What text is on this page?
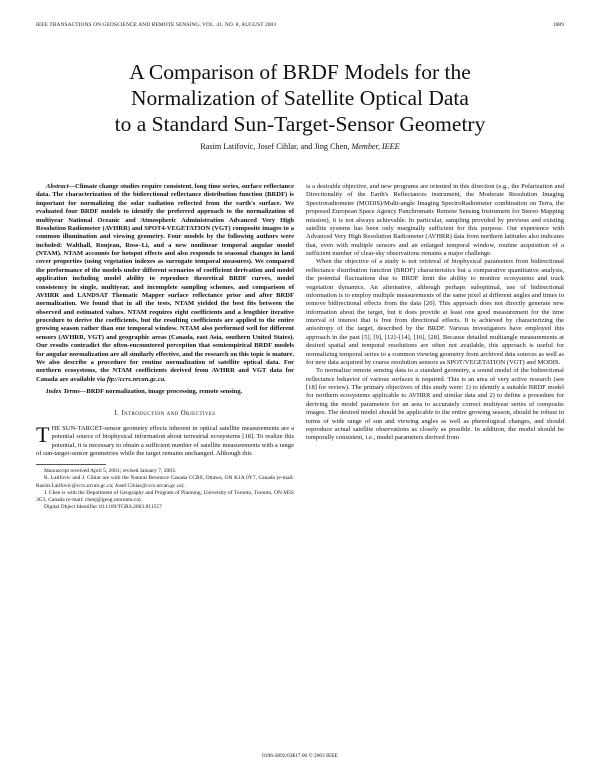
IEEE TRANSACTIONS ON GEOSCIENCE AND REMOTE SENSING, VOL. 41, NO. 8, AUGUST 2003	1889
A Comparison of BRDF Models for the
Normalization of Satellite Optical Data
to a Standard Sun-Target-Sensor Geometry
Rasim Latifovic, Josef Cihlar, and Jing Chen, Member, IEEE

Abstract—Climate change studies require consistent, long time series, surface reflectance data. The characterization of the bidirectional reflectance distribution function (BRDF) is important for normalizing the solar radiation reflected from the earth's surface. We evaluated four BRDF models to identify the preferred approach to the normalization of multiyear National Oceanic and Atmospheric Administration Advanced Very High Resolution Radiometer (AVHRR) and SPOT4-VEGETATION (VGT) composite images to a common illumination and viewing geometry. Four models by the following authors were included: Walthall, Roujean, Ross–Li, and a new nonlinear temporal angular model (NTAM). NTAM accounts for hotspot effects and also responds to seasonal changes in land cover properties (using vegetation indexes as surrogate temporal measures). We compared the performance of the models under different scenarios of coefficient derivation and model application including model ability to reproduce theoretical BRDF curves, model consistency in single, multiyear, and incomplete sampling schemes, and comparison of AVHRR and LANDSAT Thematic Mapper surface reflectance prior and after BRDF normalization. We found that in all the tests, NTAM yielded the best fits between the observed and estimated values. NTAM requires eight coefficients and a lengthier iterative procedure to derive the coefficients, but the resulting coefficients are applied to the entire growing season rather than one temporal window. NTAM also performed well for different sensors (AVHRR, VGT) and geographic areas (Canada, east Asia, southern United States). Our results contradict the often-encountered perception that semiempirical BRDF models for angular normalization are all similarly effective, and the research on this topic is mature. We also describe a procedure for routine normalization of satellite optical data. For northern ecosystems, the NTAM coefficients derived from AVHRR and VGT data for Canada are available via ftp://ccrs.nrcan.gc.ca.

Index Terms—BRDF normalization, image processing, remote sensing.

I. Introduction and Objectives

THE SUN-TARGET-sensor geometry effects inherent in optical satellite measurements are a potential source of biophysical information about terrestrial ecosystems [18]. To realize this potential, it is necessary to obtain a sufficient number of satellite measurements with a range of sun-target-sensor geometries while the target remains unchanged. Although this

Manuscript received April 5, 2001; revised January 7, 2003.

R. Latifovic and J. Cihlar are with the Natural Resource Canada CCRS, Ottawa, ON K1A 0Y7, Canada (e-mail: Rasim.Latifovic@ccrs.nrcan.gc.ca; Josef.Cihlar@ccrs.nrcan.gc.ca).

J. Chen is with the Department of Geography and Program of Planning, University of Toronto, Toronto, ON M5S 3G3, Canada (e-mail: chenj@geog.utoronto.ca).

Digital Object Identifier 10.1109/TGRS.2003.811557

is a desirable objective, and new programs are oriented in this direction (e.g., the Polarization and Directionality of the Earth's Reflectances instrument, the Moderate Resolution Imaging Spectroradiometer (MODIS)/Multi-angle Imaging SpectroRadiometer combination on Terra, the proposed European Space Agency Panchromatic Remote Sensing Instrument for Stereo Mapping mission), it is not always achievable. In particular, sampling provided by previous and existing satellite systems has been only marginally sufficient for this purpose. Our experience with Advanced Very High Resolution Radiometer (AVHRR) data from northern latitudes also indicates that, even with multiple sensors and an enlarged temporal window, routine acquisition of a sufficient number of clear-sky observations remains a major challenge.

When the objective of a study is not retrieval of biophysical parameters from bidirectional reflectance distribution function (BRDF) characteristics but a comparative quantitative analysis, the potential fluctuations due to BRDF limit the ability to monitor ecosystems and track vegetation dynamics. An alternative, although perhaps suboptimal, use of bidirectional information is to employ multiple measurements of the same pixel at different angles and times to remove bidirectional effects from the data [20]. This approach does not directly generate new information about the target, but it does provide at least one good measurement for the time interval of interest that is free from directional effects. It is achieved by characterizing the anisotropy of the target, described by the BRDF. Various investigators have employed this approach in the past [5], [9], [12]–[14], [16], [28]. Because detailed multiangle measurements at desired spatial and temporal resolutions are often not available, this approach is useful for normalizing temporal series to a common viewing geometry from archived data sources as well as for new data acquired by coarse resolution sensors as SPOT/VEGETATION (VGT) and MODIS.

To normalize remote sensing data to a standard geometry, a sound model of the bidirectional reflectance behavior of various surfaces is required. This is an area of very active research (see [18] for review). The primary objectives of this study were: 1) to identify a suitable BRDF model for northern ecosystems applicable to AVHRR and similar data and 2) to define a procedure for deriving the model parameters for an area to accurately correct multiyear series of composite images. The desired model should be applicable to the entire growing season, should be robust in terms of wide range of sun and viewing angles as well as phenological changes, and should reproduce actual satellite observations as closely as possible. In addition, the model should be temporally consistent, i.e., model parameters derived from

0196-2892/03$17.00 © 2003 IEEE
